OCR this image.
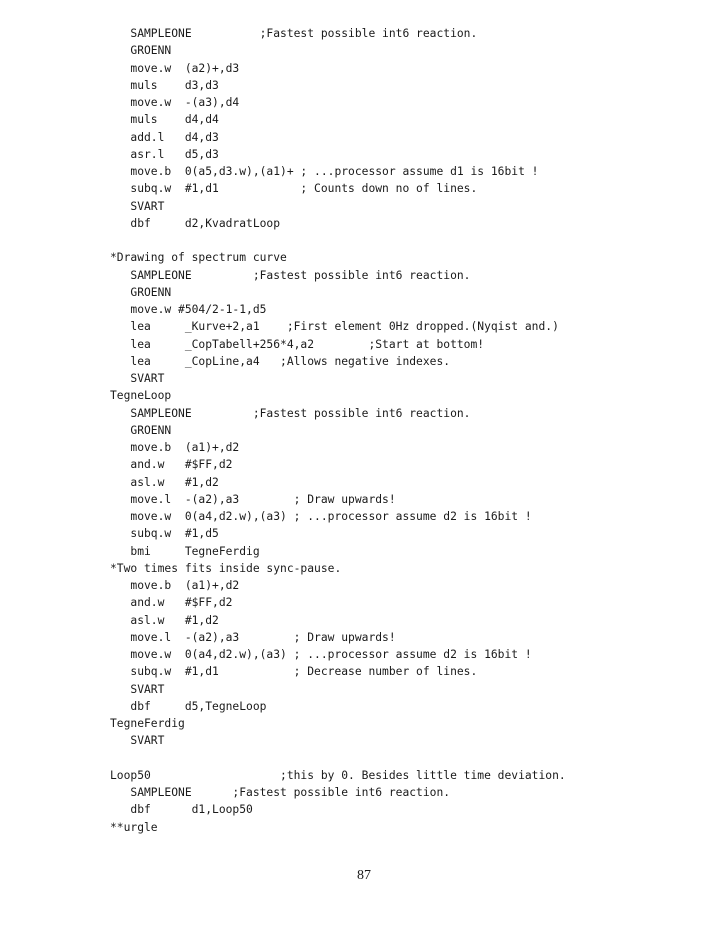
SAMPLEONE          ;Fastest possible int6 reaction.
GROENN
move.w  (a2)+,d3
muls    d3,d3
move.w  -(a3),d4
muls    d4,d4
add.l   d4,d3
asr.l   d5,d3
move.b  0(a5,d3.w),(a1)+ ; ...processor assume d1 is 16bit !
subq.w  #1,d1            ; Counts down no of lines.
SVART
dbf     d2,KvadratLoop
*Drawing of spectrum curve
SAMPLEONE         ;Fastest possible int6 reaction.
GROENN
move.w #504/2-1-1,d5
lea     _Kurve+2,a1    ;First element 0Hz dropped.(Nyqist and.)
lea     _CopTabell+256*4,a2        ;Start at bottom!
lea     _CopLine,a4   ;Allows negative indexes.
SVART
TegneLoop
SAMPLEONE         ;Fastest possible int6 reaction.
GROENN
move.b  (a1)+,d2
and.w   #$FF,d2
asl.w   #1,d2
move.l  -(a2),a3        ; Draw upwards!
move.w  0(a4,d2.w),(a3) ; ...processor assume d2 is 16bit !
subq.w  #1,d5
bmi     TegneFerdig
*Two times fits inside sync-pause.
move.b  (a1)+,d2
and.w   #$FF,d2
asl.w   #1,d2
move.l  -(a2),a3        ; Draw upwards!
move.w  0(a4,d2.w),(a3) ; ...processor assume d2 is 16bit !
subq.w  #1,d1           ; Decrease number of lines.
SVART
dbf     d5,TegneLoop
TegneFerdig
SVART
Loop50                   ;this by 0. Besides little time deviation.
SAMPLEONE      ;Fastest possible int6 reaction.
dbf      d1,Loop50
**urgle
87
